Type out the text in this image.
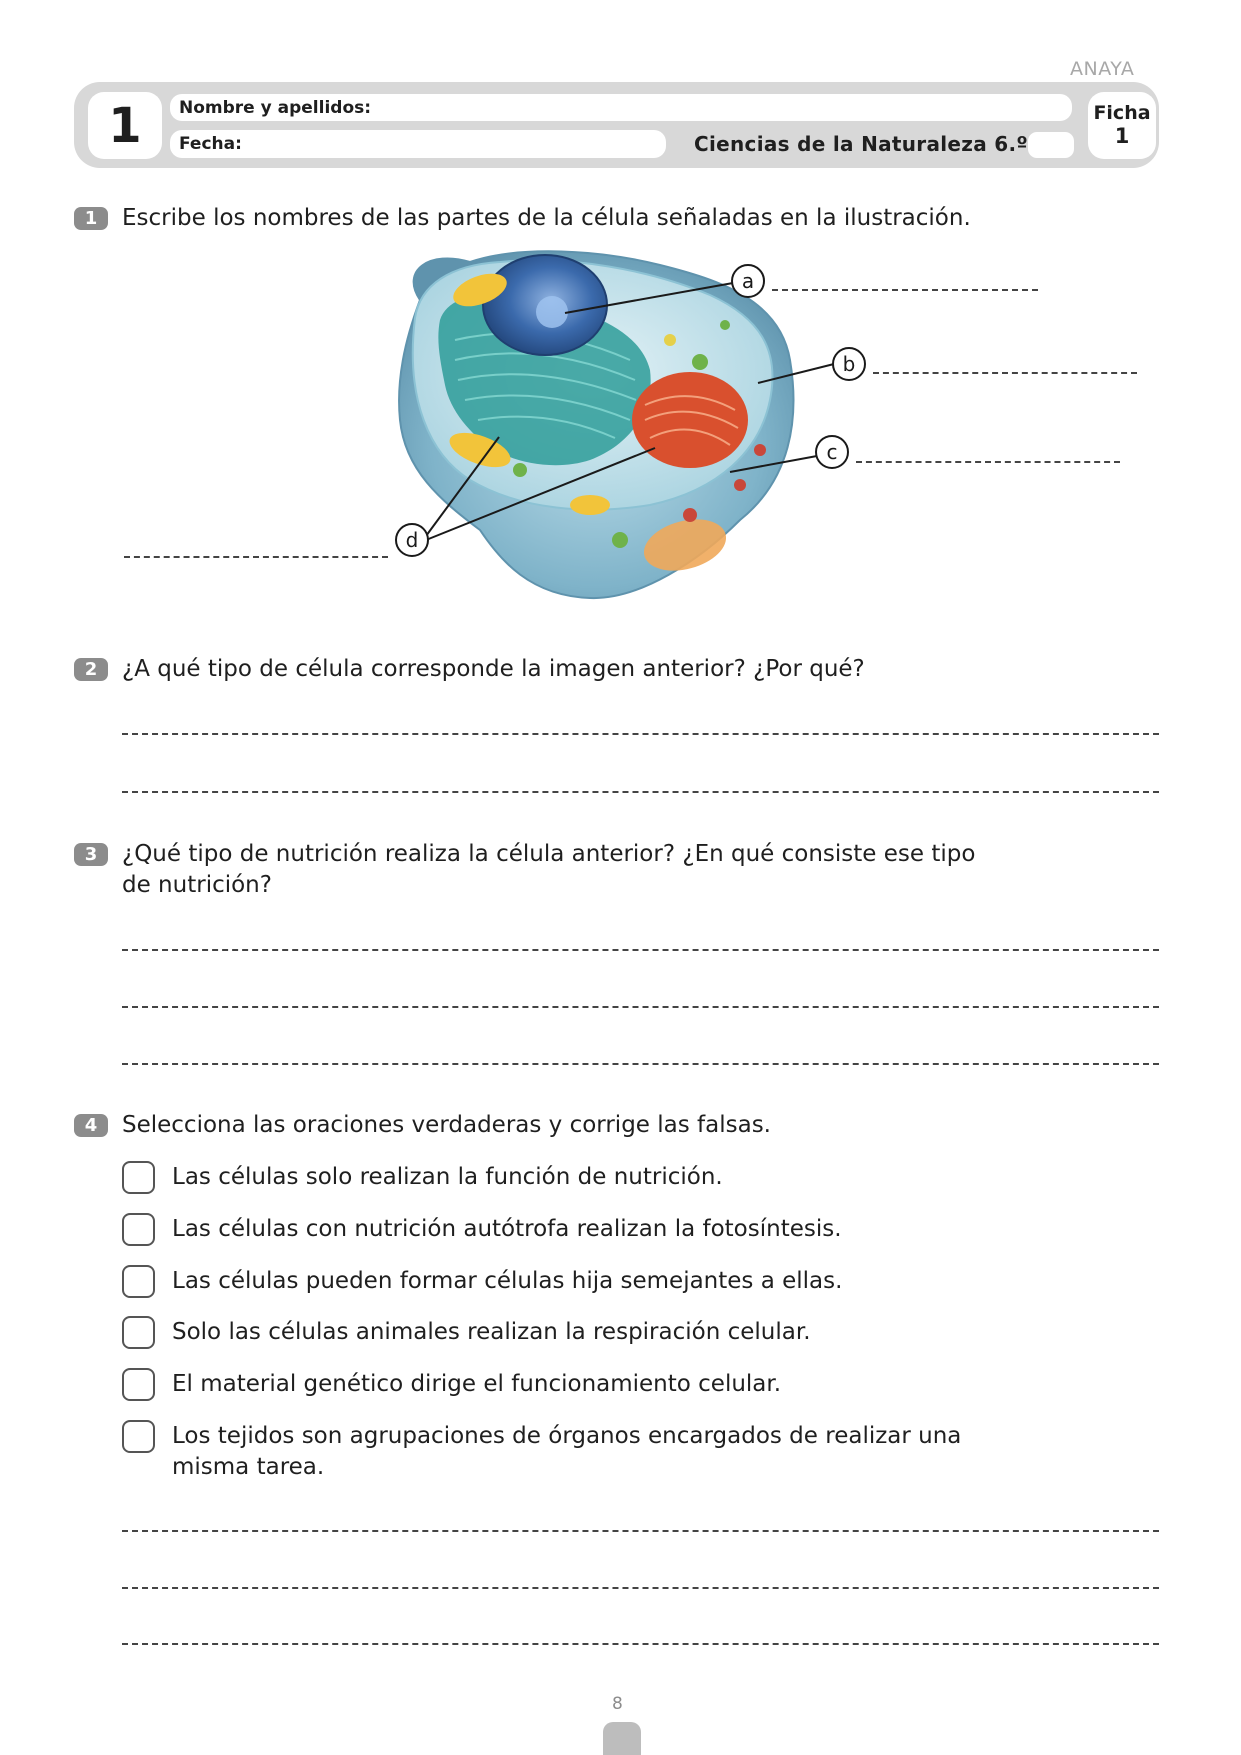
ANAYA
1	Nombre y apellidos:
Fecha:	Ciencias de la Naturaleza 6.º
Ficha
1
1	Escribe los nombres de las partes de la célula señaladas en la ilustración.
a
b
c
d
2	¿A qué tipo de célula corresponde la imagen anterior? ¿Por qué?
3	¿Qué tipo de nutrición realiza la célula anterior? ¿En qué consiste ese tipo
de nutrición?
4	Selecciona las oraciones verdaderas y corrige las falsas.
Las células solo realizan la función de nutrición.
Las células con nutrición autótrofa realizan la fotosíntesis.
Las células pueden formar células hija semejantes a ellas.
Solo las células animales realizan la respiración celular.
El material genético dirige el funcionamiento celular.
Los tejidos son agrupaciones de órganos encargados de realizar una
misma tarea.
8
